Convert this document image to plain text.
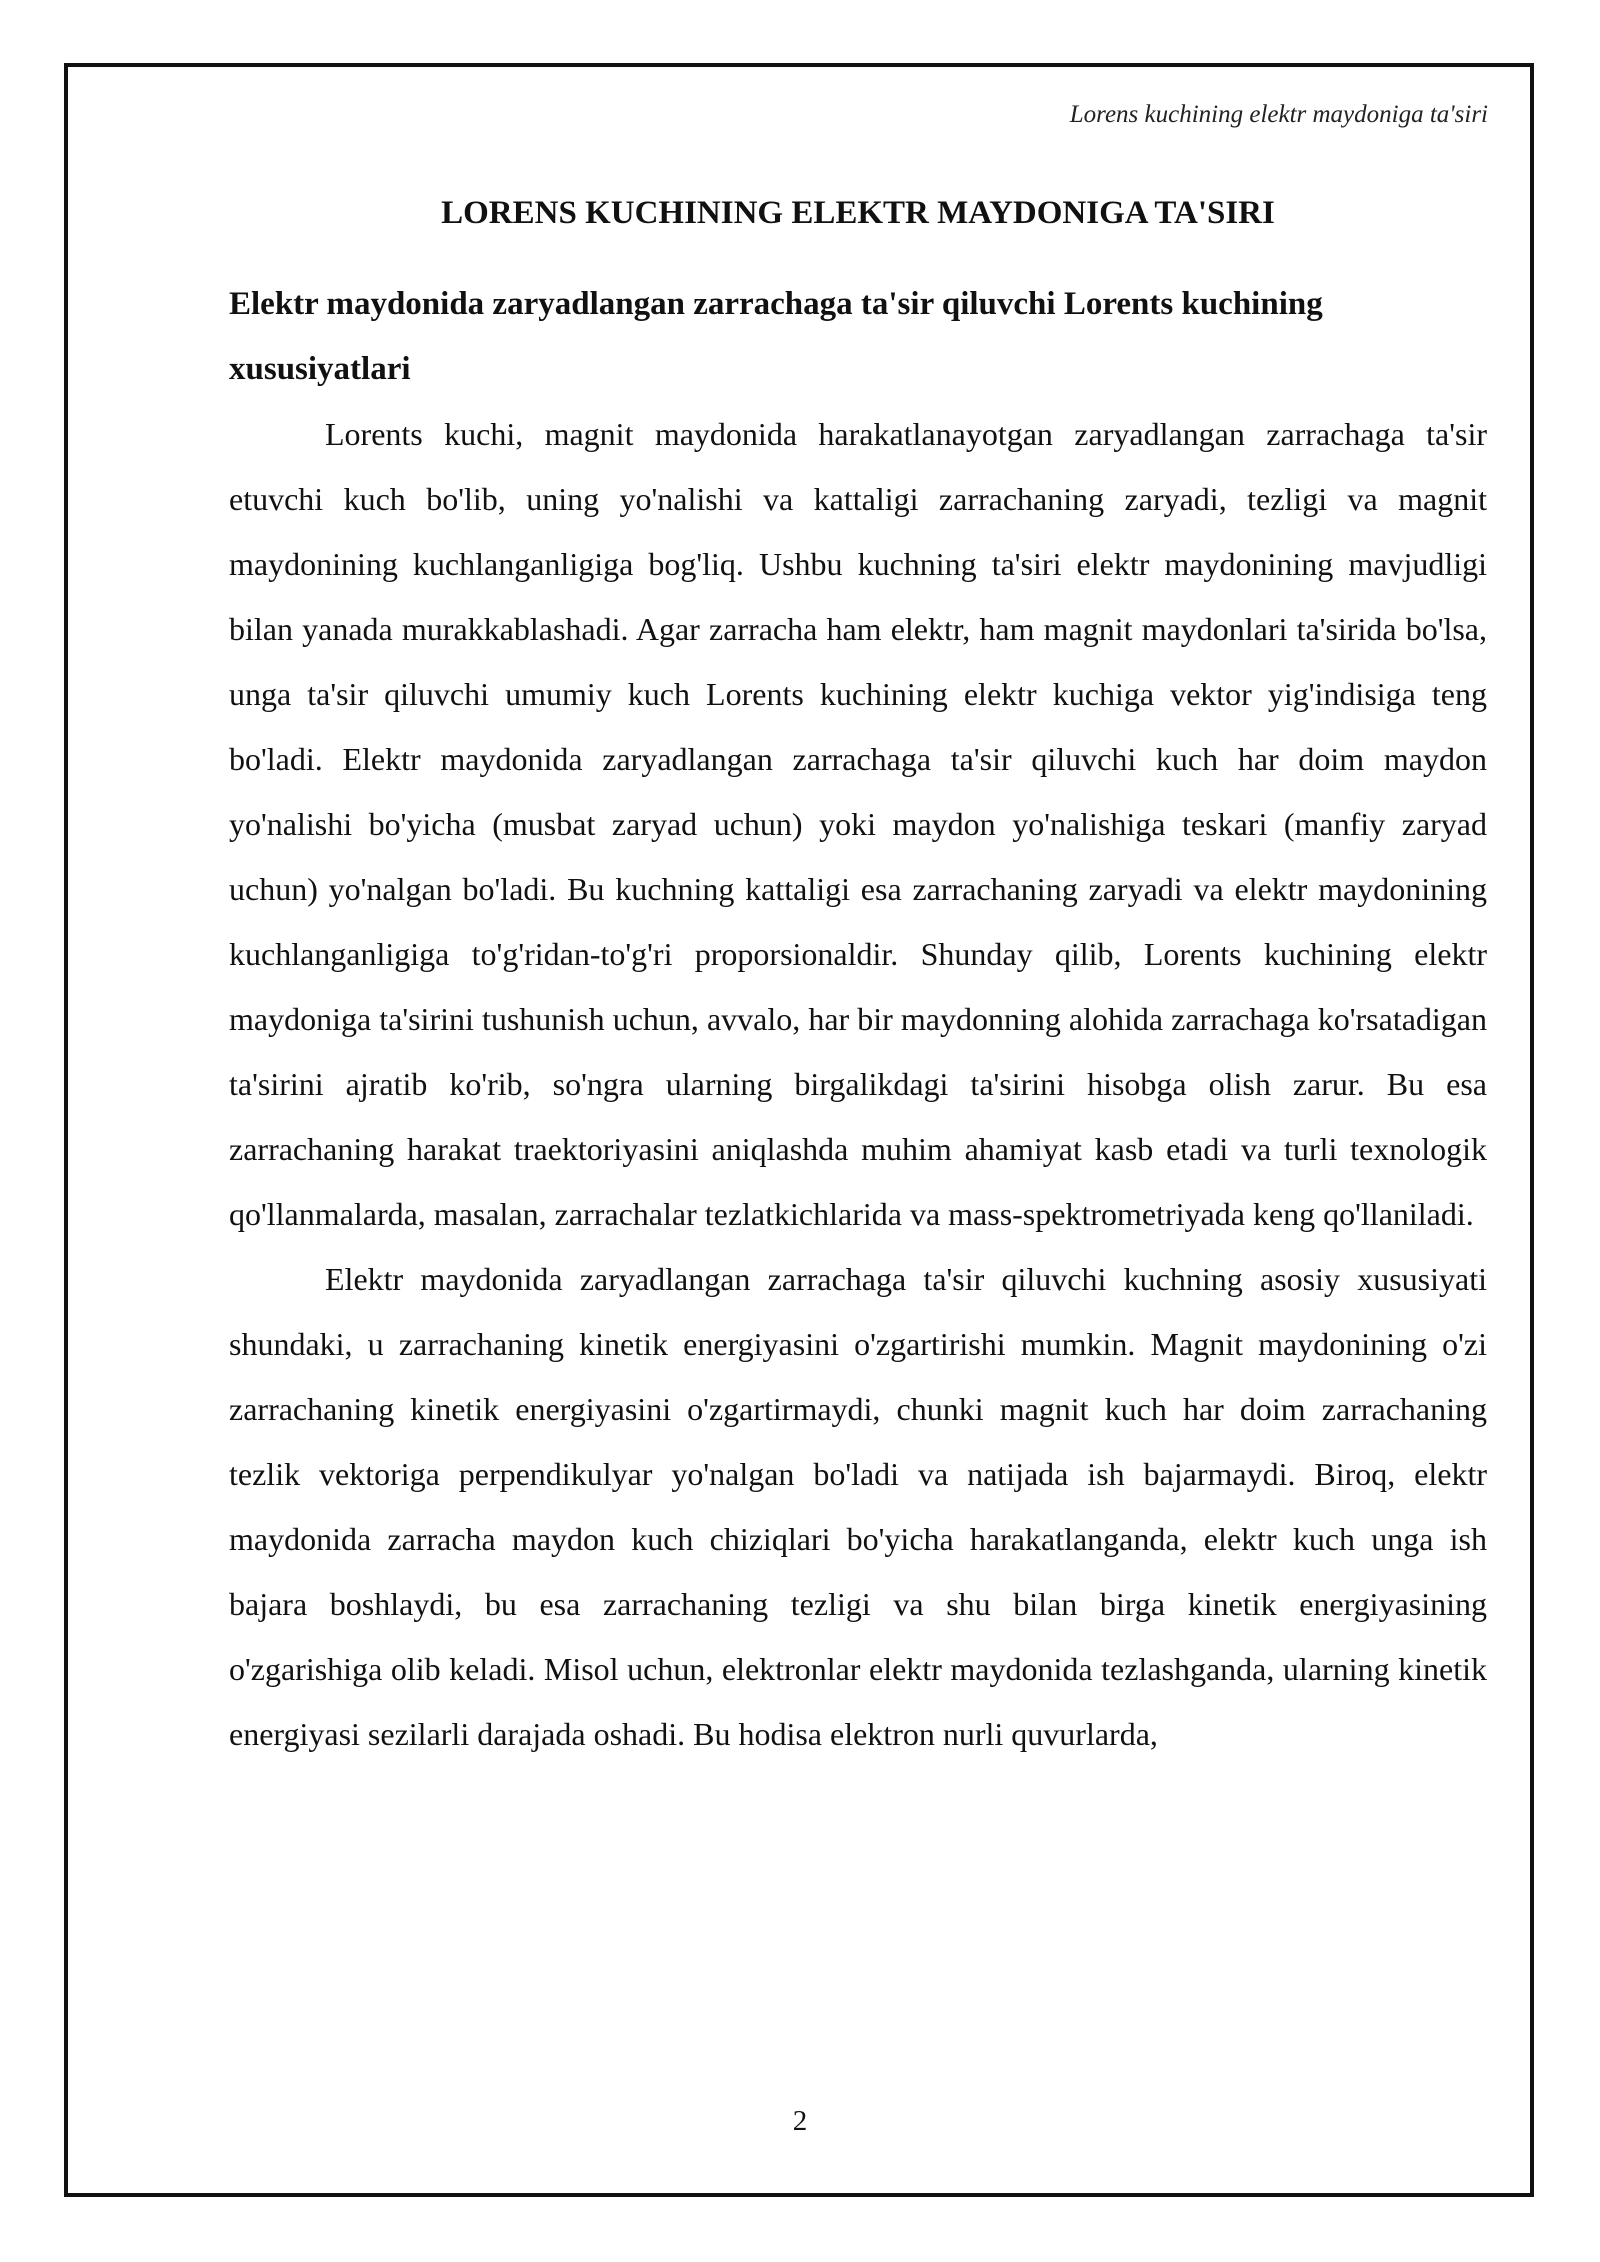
Lorens kuchining elektr maydoniga ta'siri
LORENS KUCHINING ELEKTR MAYDONIGA TA'SIRI
Elektr maydonida zaryadlangan zarrachaga ta'sir qiluvchi Lorents kuchining xususiyatlari

Lorents kuchi, magnit maydonida harakatlanayotgan zaryadlangan zarrachaga ta'sir etuvchi kuch bo'lib, uning yo'nalishi va kattaligi zarrachaning zaryadi, tezligi va magnit maydonining kuchlanganligiga bog'liq. Ushbu kuchning ta'siri elektr maydonining mavjudligi bilan yanada murakkablashadi. Agar zarracha ham elektr, ham magnit maydonlari ta'sirida bo'lsa, unga ta'sir qiluvchi umumiy kuch Lorents kuchining elektr kuchiga vektor yig'indisiga teng bo'ladi. Elektr maydonida zaryadlangan zarrachaga ta'sir qiluvchi kuch har doim maydon yo'nalishi bo'yicha (musbat zaryad uchun) yoki maydon yo'nalishiga teskari (manfiy zaryad uchun) yo'nalgan bo'ladi. Bu kuchning kattaligi esa zarrachaning zaryadi va elektr maydonining kuchlanganligiga to'g'ridan-to'g'ri proporsionaldir. Shunday qilib, Lorents kuchining elektr maydoniga ta'sirini tushunish uchun, avvalo, har bir maydonning alohida zarrachaga ko'rsatadigan ta'sirini ajratib ko'rib, so'ngra ularning birgalikdagi ta'sirini hisobga olish zarur. Bu esa zarrachaning harakat traektoriyasini aniqlashda muhim ahamiyat kasb etadi va turli texnologik qo'llanmalarda, masalan, zarrachalar tezlatkichlarida va mass-spektrometriyada keng qo'llaniladi.

Elektr maydonida zaryadlangan zarrachaga ta'sir qiluvchi kuchning asosiy xususiyati shundaki, u zarrachaning kinetik energiyasini o'zgartirishi mumkin. Magnit maydonining o'zi zarrachaning kinetik energiyasini o'zgartirmaydi, chunki magnit kuch har doim zarrachaning tezlik vektoriga perpendikulyar yo'nalgan bo'ladi va natijada ish bajarmaydi. Biroq, elektr maydonida zarracha maydon kuch chiziqlari bo'yicha harakatlanganda, elektr kuch unga ish bajara boshlaydi, bu esa zarrachaning tezligi va shu bilan birga kinetik energiyasining o'zgarishiga olib keladi. Misol uchun, elektronlar elektr maydonida tezlashganda, ularning kinetik energiyasi sezilarli darajada oshadi. Bu hodisa elektron nurli quvurlarda,

2
